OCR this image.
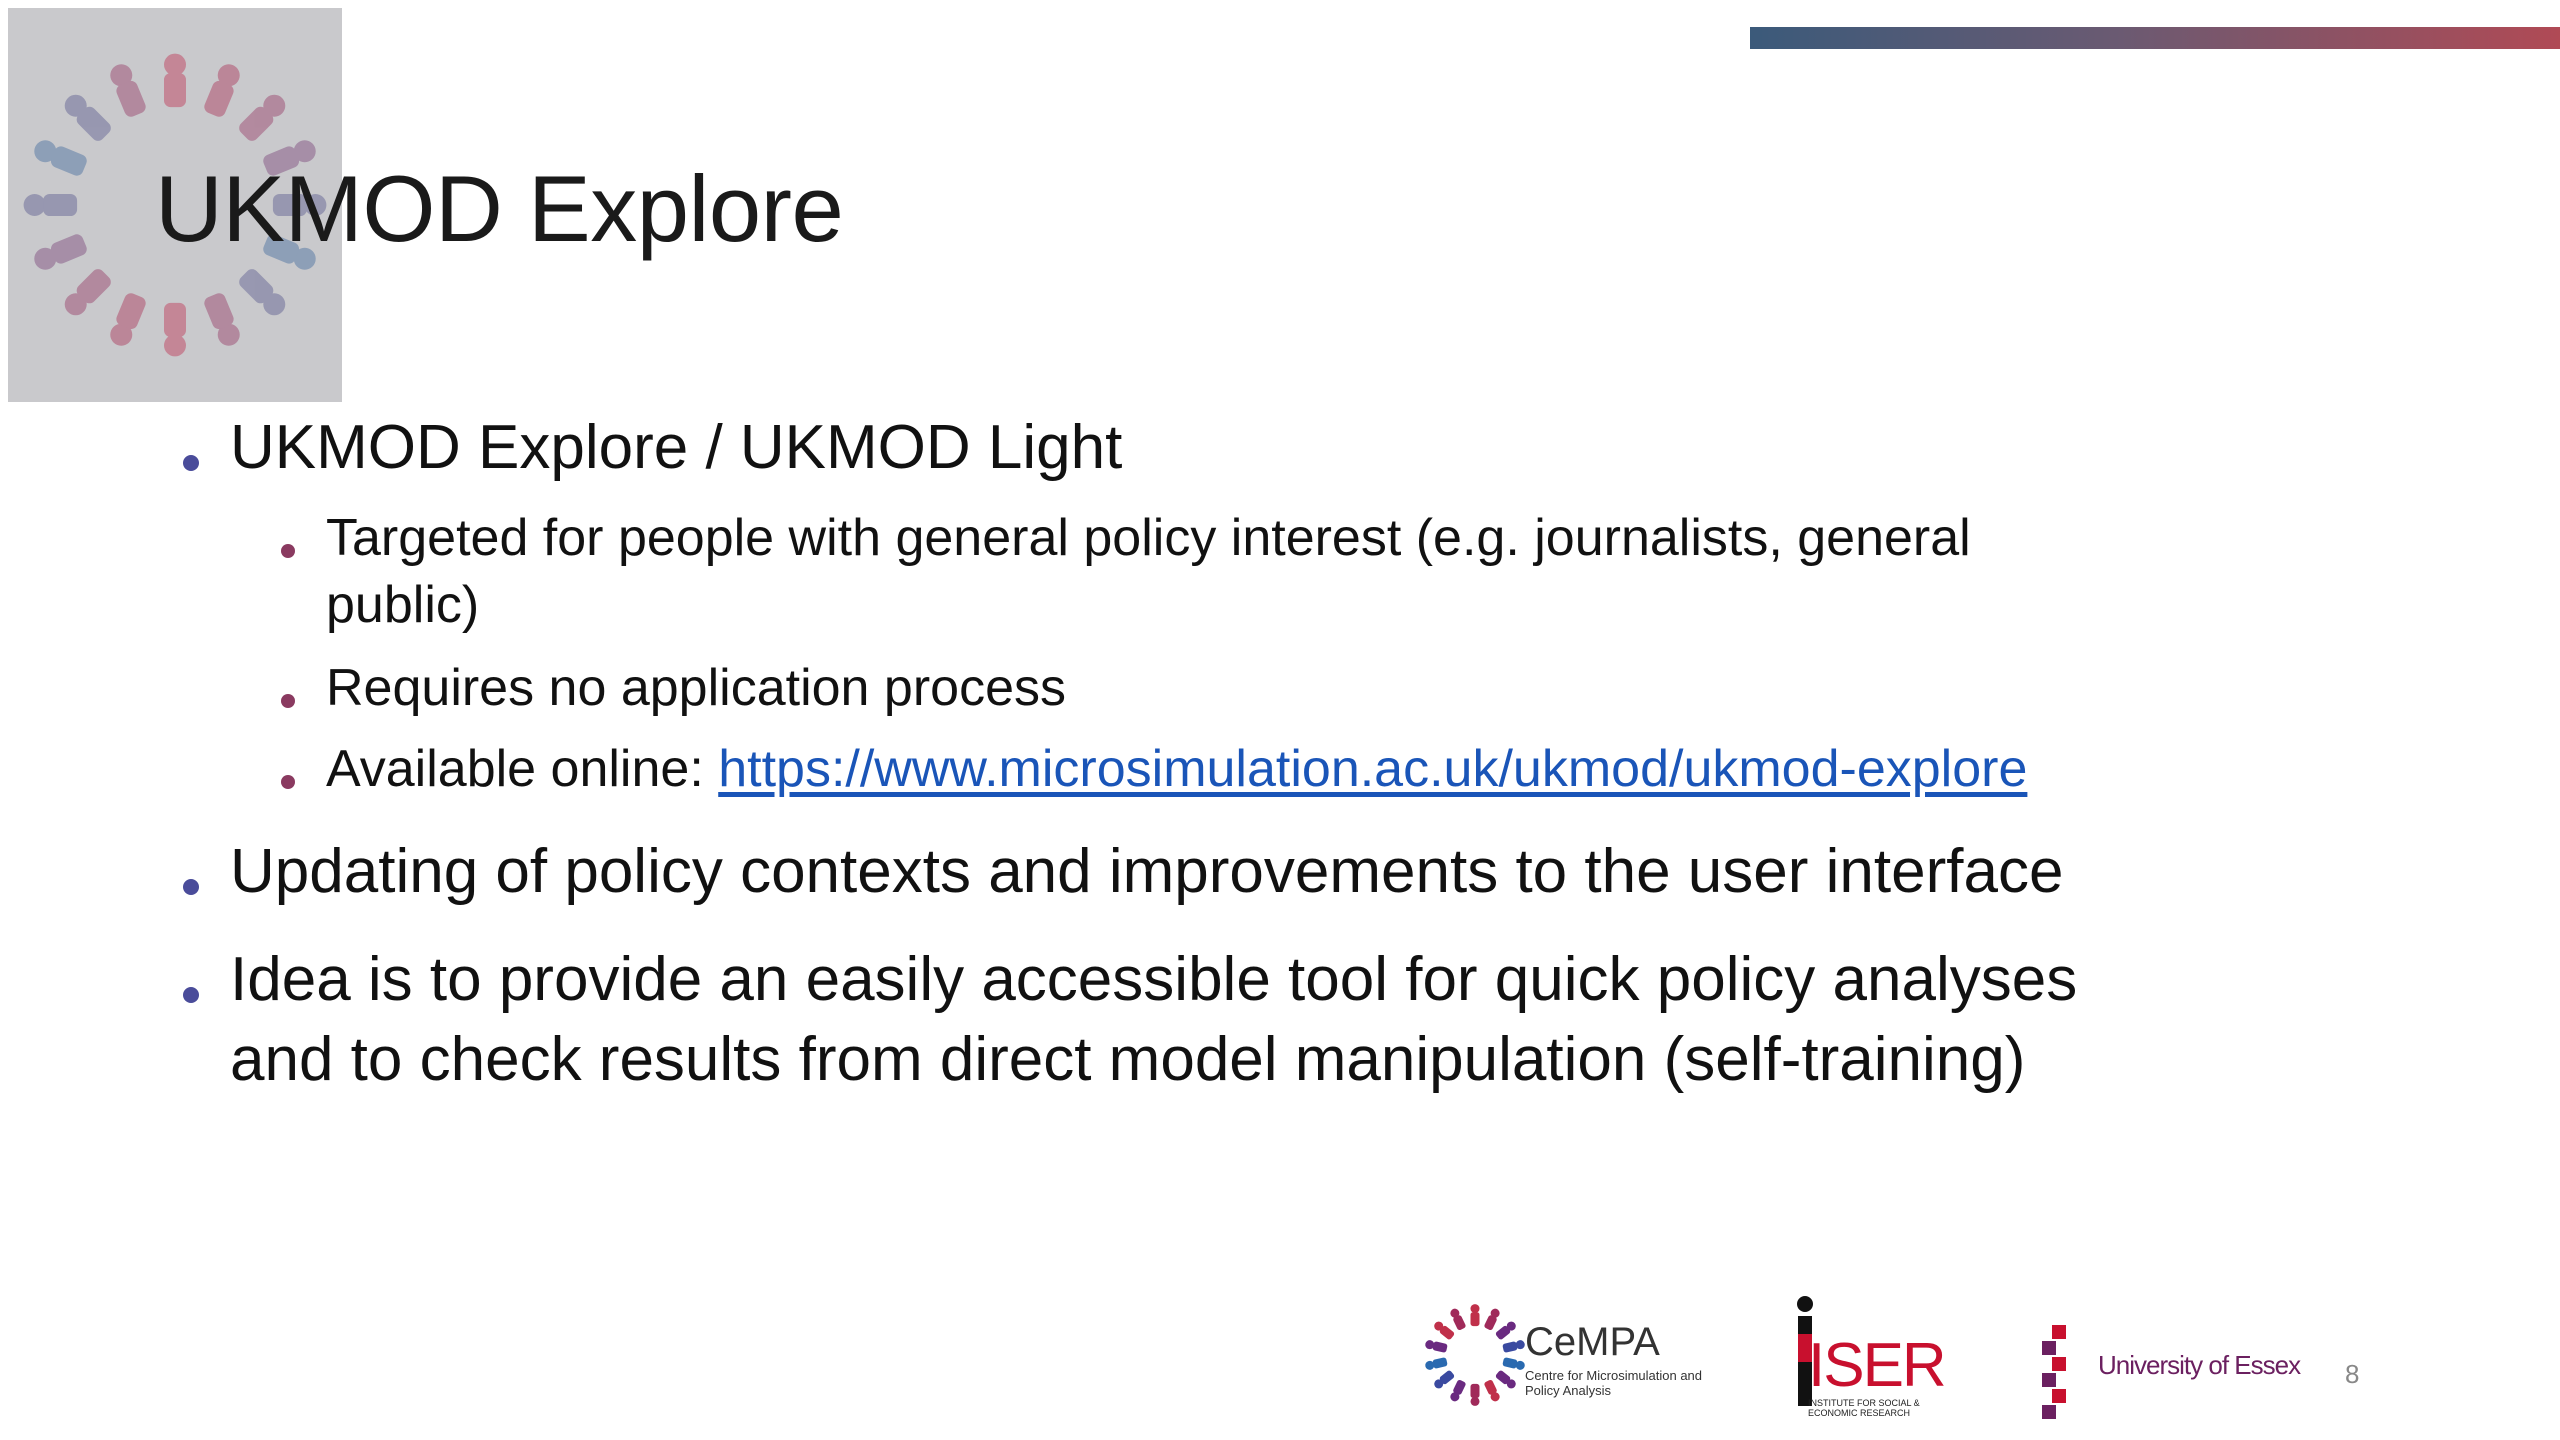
UKMOD Explore
UKMOD Explore / UKMOD Light
Targeted for people with general policy interest (e.g. journalists, general
public)
Requires no application process
Available online: https://www.microsimulation.ac.uk/ukmod/ukmod-explore
Updating of policy contexts and improvements to the user interface
Idea is to provide an easily accessible tool for quick policy analyses
and to check results from direct model manipulation (self-training)
CeMPA
Centre for Microsimulation and Policy Analysis	ISER
INSTITUTE FOR SOCIAL & ECONOMIC RESEARCH
University of Essex 8
